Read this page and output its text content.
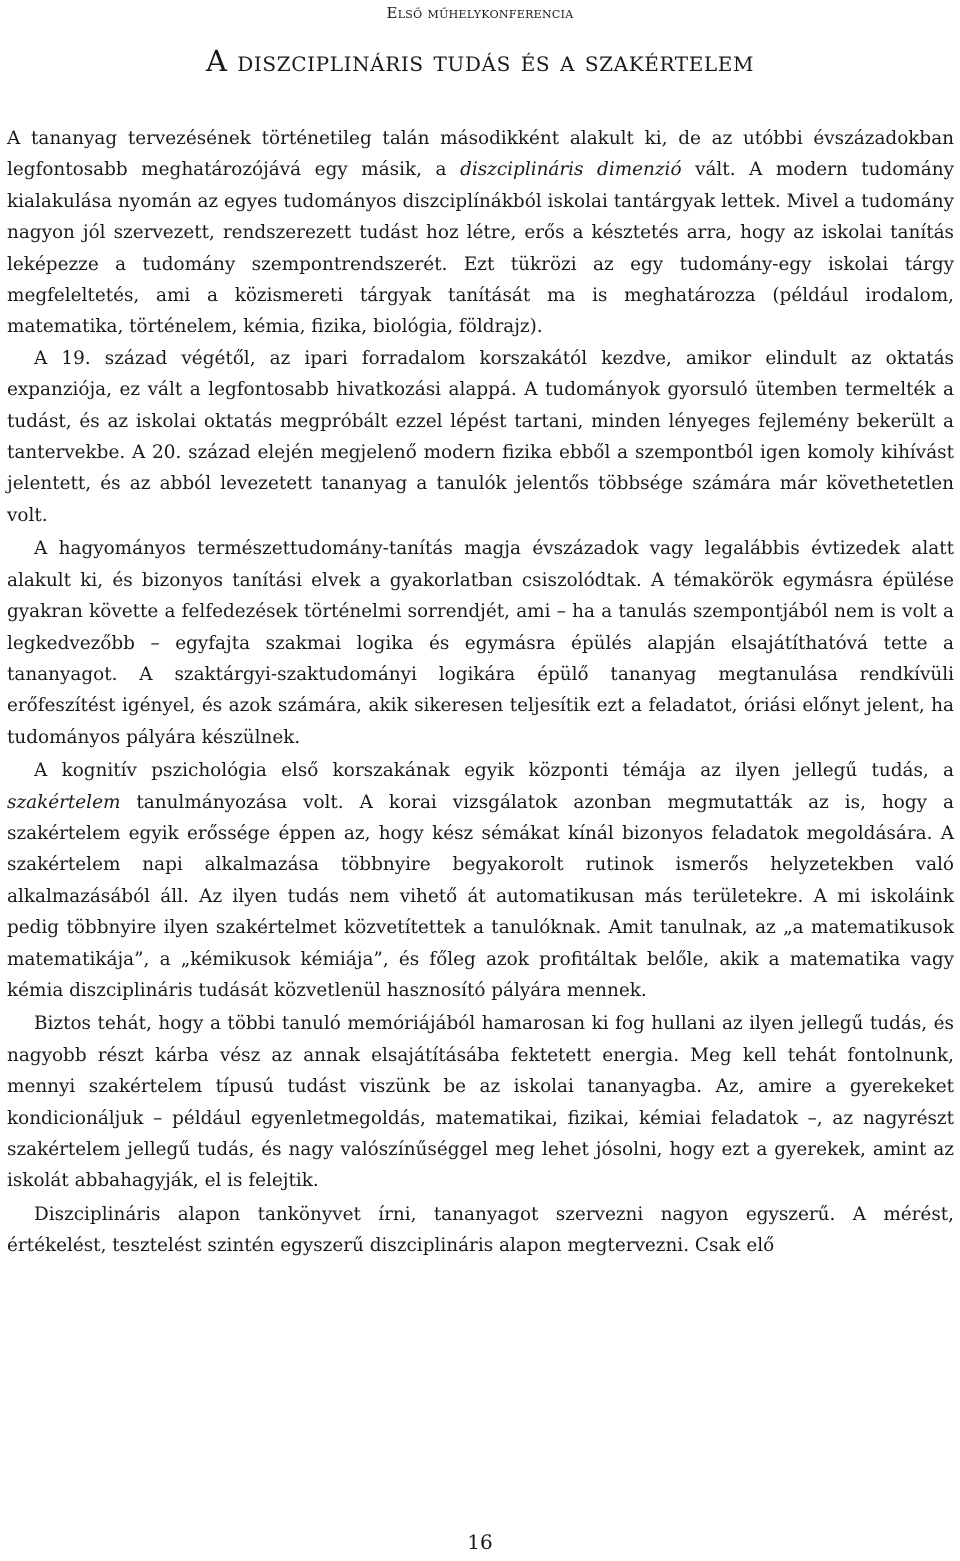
Első műhelykonferencia
A diszciplináris tudás és a szakértelem

A tananyag tervezésének történetileg talán másodikként alakult ki, de az utóbbi évszázadokban legfontosabb meghatározójává egy másik, a diszciplináris dimenzió vált. A modern tudomány kialakulása nyomán az egyes tudományos diszciplínákból iskolai tantárgyak lettek. Mivel a tudomány nagyon jól szervezett, rendszerezett tudást hoz létre, erős a késztetés arra, hogy az iskolai tanítás leképezze a tudomány szempontrendszerét. Ezt tükrözi az egy tudomány-egy iskolai tárgy megfeleltetés, ami a közismereti tárgyak tanítását ma is meghatározza (például irodalom, matematika, történelem, kémia, fizika, biológia, földrajz).

A 19. század végétől, az ipari forradalom korszakától kezdve, amikor elindult az oktatás expanziója, ez vált a legfontosabb hivatkozási alappá. A tudományok gyorsuló ütemben termelték a tudást, és az iskolai oktatás megpróbált ezzel lépést tartani, minden lényeges fejlemény bekerült a tantervekbe. A 20. század elején megjelenő modern fizika ebből a szempontból igen komoly kihívást jelentett, és az abból levezetett tananyag a tanulók jelentős többsége számára már követhetetlen volt.

A hagyományos természettudomány-tanítás magja évszázadok vagy legalábbis évtizedek alatt alakult ki, és bizonyos tanítási elvek a gyakorlatban csiszolódtak. A témakörök egymásra épülése gyakran követte a felfedezések történelmi sorrendjét, ami – ha a tanulás szempontjából nem is volt a legkedvezőbb – egyfajta szakmai logika és egymásra épülés alapján elsajátíthatóvá tette a tananyagot. A szaktárgyi-szaktudományi logikára épülő tananyag megtanulása rendkívüli erőfeszítést igényel, és azok számára, akik sikeresen teljesítik ezt a feladatot, óriási előnyt jelent, ha tudományos pályára készülnek.

A kognitív pszichológia első korszakának egyik központi témája az ilyen jellegű tudás, a szakértelem tanulmányozása volt. A korai vizsgálatok azonban megmutatták az is, hogy a szakértelem egyik erőssége éppen az, hogy kész sémákat kínál bizonyos feladatok megoldására. A szakértelem napi alkalmazása többnyire begyakorolt rutinok ismerős helyzetekben való alkalmazásából áll. Az ilyen tudás nem vihető át automatikusan más területekre. A mi iskoláink pedig többnyire ilyen szakértelmet közvetítettek a tanulóknak. Amit tanulnak, az „a matematikusok matematikája”, a „kémikusok kémiája”, és főleg azok profitáltak belőle, akik a matematika vagy kémia diszciplináris tudását közvetlenül hasznosító pályára mennek.

Biztos tehát, hogy a többi tanuló memóriájából hamarosan ki fog hullani az ilyen jellegű tudás, és nagyobb részt kárba vész az annak elsajátításába fektetett energia. Meg kell tehát fontolnunk, mennyi szakértelem típusú tudást viszünk be az iskolai tananyagba. Az, amire a gyerekeket kondicionáljuk – például egyenletmegoldás, matematikai, fizikai, kémiai feladatok –, az nagyrészt szakértelem jellegű tudás, és nagy valószínűséggel meg lehet jósolni, hogy ezt a gyerekek, amint az iskolát abbahagyják, el is felejtik.

Diszciplináris alapon tankönyvet írni, tananyagot szervezni nagyon egyszerű. A mérést, értékelést, tesztelést szintén egyszerű diszciplináris alapon megtervezni. Csak elő

16
